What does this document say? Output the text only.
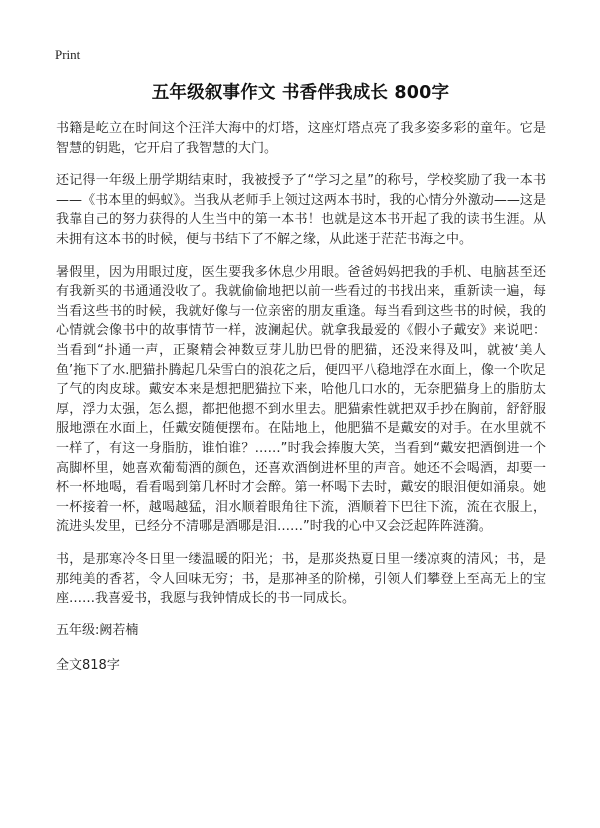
Print
五年级叙事作文 书香伴我成长 800字

书籍是屹立在时间这个汪洋大海中的灯塔，这座灯塔点亮了我多姿多彩的童年。它是智慧的钥匙，它开启了我智慧的大门。

还记得一年级上册学期结束时，我被授予了“学习之星”的称号，学校奖励了我一本书——《书本里的蚂蚁》。当我从老师手上领过这两本书时，我的心情分外激动——这是我靠自己的努力获得的人生当中的第一本书！也就是这本书开起了我的读书生涯。从未拥有这本书的时候，便与书结下了不解之缘，从此迷于茫茫书海之中。

暑假里，因为用眼过度，医生要我多休息少用眼。爸爸妈妈把我的手机、电脑甚至还有我新买的书通通没收了。我就偷偷地把以前一些看过的书找出来，重新读一遍，每当看这些书的时候，我就好像与一位亲密的朋友重逢。每当看到这些书的时候，我的心情就会像书中的故事情节一样，波澜起伏。就拿我最爱的《假小子戴安》来说吧：当看到“扑通一声，正聚精会神数豆芽儿肋巴骨的肥猫，还没来得及叫，就被‘美人鱼’拖下了水.肥猫扑腾起几朵雪白的浪花之后，便四平八稳地浮在水面上，像一个吹足了气的肉皮球。戴安本来是想把肥猫拉下来，哈他几口水的，无奈肥猫身上的脂肪太厚，浮力太强，怎么摁，都把他摁不到水里去。肥猫索性就把双手抄在胸前，舒舒服服地漂在水面上，任戴安随便摆布。在陆地上，他肥猫不是戴安的对手。在水里就不一样了，有这一身脂肪，谁怕谁？……”时我会捧腹大笑，当看到“戴安把酒倒进一个高脚杯里，她喜欢葡萄酒的颜色，还喜欢酒倒进杯里的声音。她还不会喝酒，却要一杯一杯地喝，看看喝到第几杯时才会醉。第一杯喝下去时，戴安的眼泪便如涌泉。她一杯接着一杯，越喝越猛，泪水顺着眼角往下流，酒顺着下巴往下流，流在衣服上，流进头发里，已经分不清哪是酒哪是泪……”时我的心中又会泛起阵阵涟漪。

书，是那寒冷冬日里一缕温暖的阳光；书，是那炎热夏日里一缕凉爽的清风；书，是那纯美的香茗，令人回味无穷；书，是那神圣的阶梯，引领人们攀登上至高无上的宝座……我喜爱书，我愿与我钟情成长的书一同成长。

五年级:阙若楠

全文818字
